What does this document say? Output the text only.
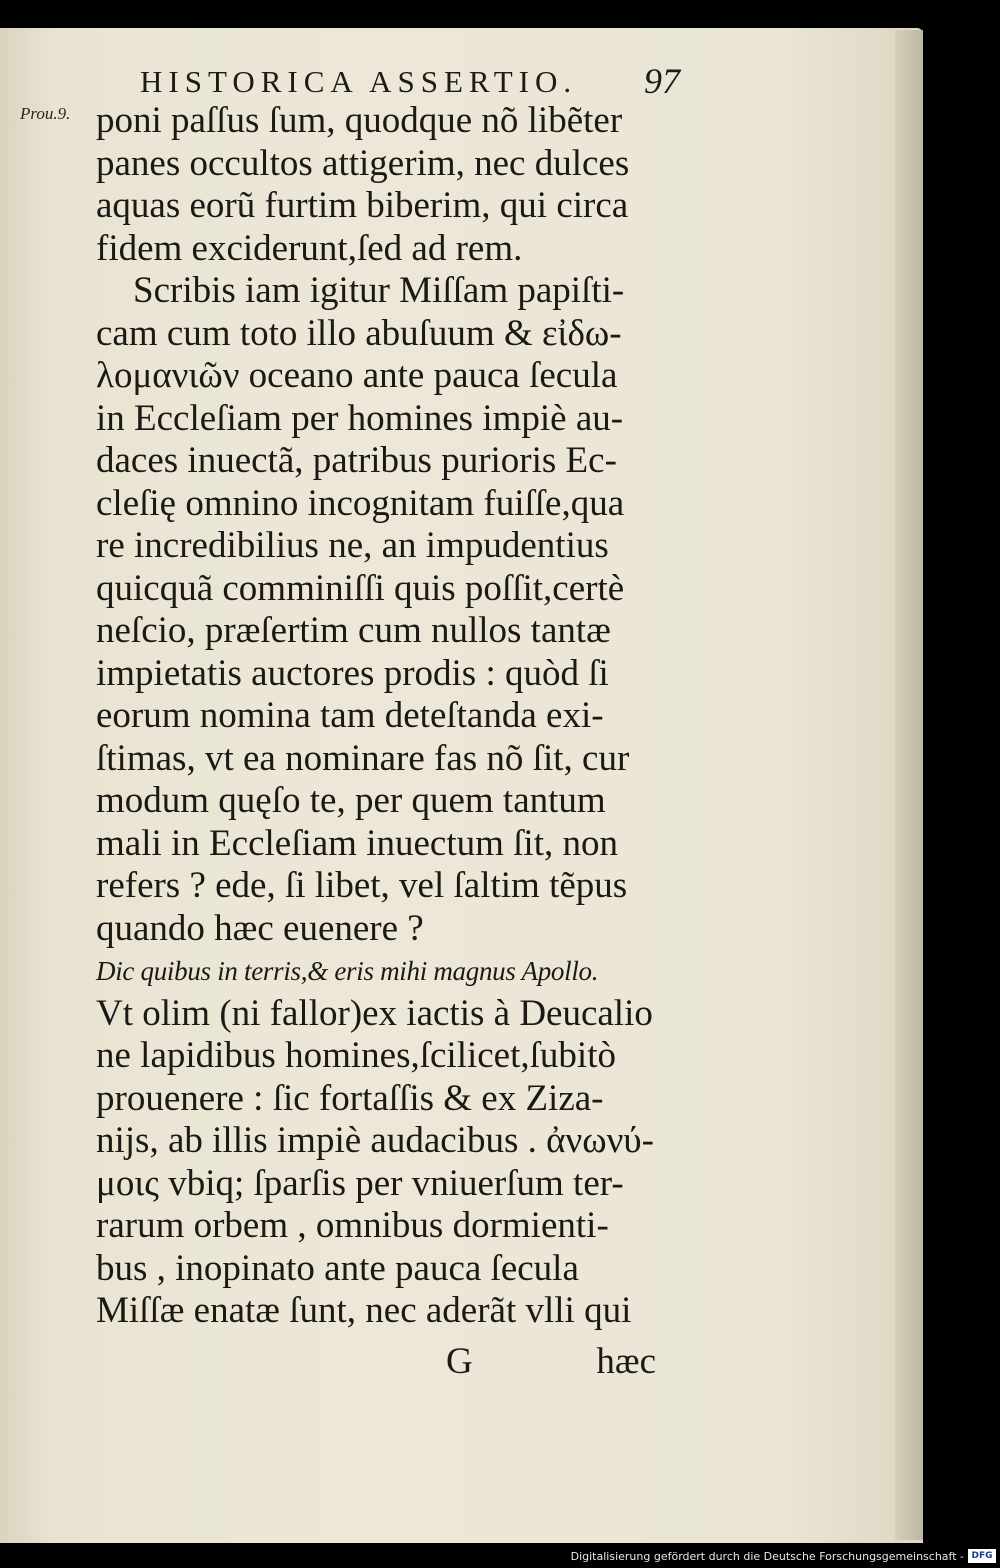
HISTORICA ASSERTIO. 97
Prou.9. poni paſſus ſum, quodque nõ libẽter
panes occultos attigerim, nec dulces
aquas eorũ furtim biberim, qui circa
fidem exciderunt,ſed ad rem.
Scribis iam igitur Miſſam papiſti-
cam cum toto illo abuſuum & εἰδω-
λομανιῶν oceano ante pauca ſecula
in Eccleſiam per homines impiè au-
daces inuectã, patribus purioris Ec-
cleſię omnino incognitam fuiſſe,qua
re incredibilius ne, an impudentius
quicquã comminiſſi quis poſſit,certè
neſcio, præſertim cum nullos tantæ
impietatis auctores prodis : quòd ſi
eorum nomina tam deteſtanda exi-
ſtimas, vt ea nominare fas nõ ſit, cur
modum quęſo te, per quem tantum
mali in Eccleſiam inuectum ſit, non
refers ? ede, ſi libet, vel ſaltim tẽpus
quando hæc euenere ?
Dic quibus in terris,& eris mihi magnus Apollo.
Vt olim (ni fallor)ex iactis à Deucalio
ne lapidibus homines,ſcilicet,ſubitò
prouenere : ſic fortaſſis & ex Ziza-
nijs, ab illis impiè audacibus . ἀνωνύ-
μοις vbiq; ſparſis per vniuerſum ter-
rarum orbem , omnibus dormienti-
bus , inopinato ante pauca ſecula
Miſſæ enatæ ſunt, nec aderãt vlli qui
G	hæc
Digitalisierung gefördert durch die Deutsche Forschungsgemeinschaft - DFG
